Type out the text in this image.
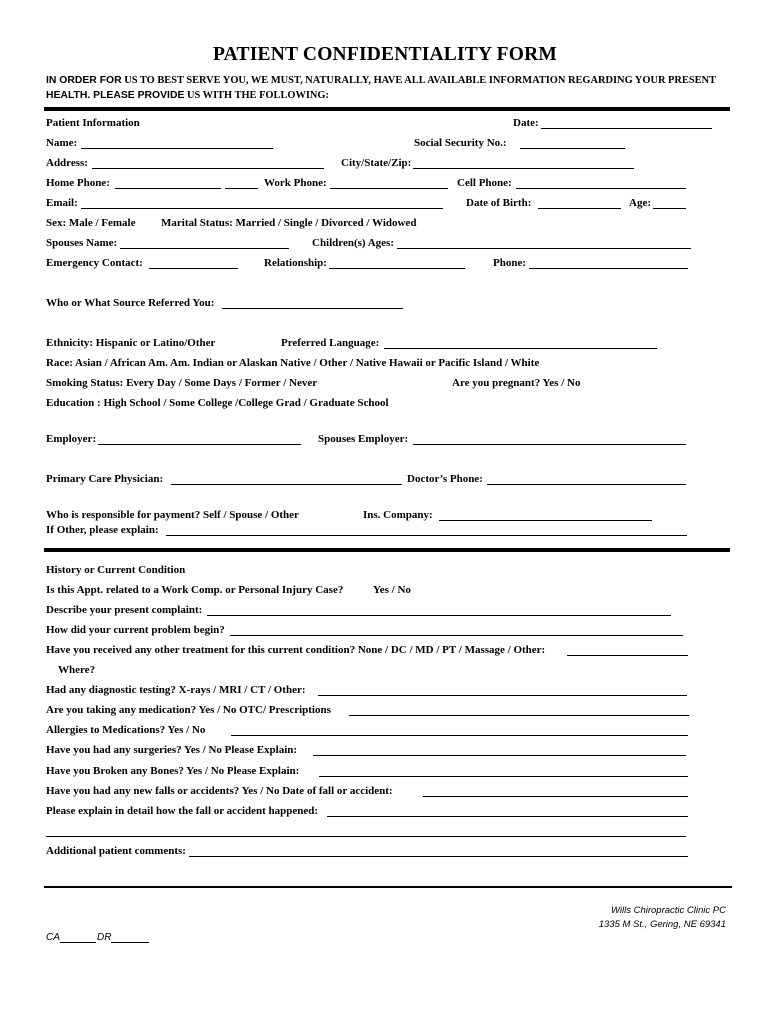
PATIENT CONFIDENTIALITY FORM
IN ORDER FOR US TO BEST SERVE YOU, WE MUST, NATURALLY, HAVE ALL AVAILABLE INFORMATION REGARDING YOUR PRESENT
HEALTH. PLEASE PROVIDE US WITH THE FOLLOWING:
Patient Information	Date:
Name:	Social Security No.:
Address:	City/State/Zip:
Home Phone:	Work Phone:	Cell Phone:
Email:	Date of Birth:	Age:
Sex: Male / Female Marital Status: Married / Single / Divorced / Widowed
Spouses Name:	Children(s) Ages:
Emergency Contact:	Relationship:	Phone:
Who or What Source Referred You:
Ethnicity: Hispanic or Latino/Other	Preferred Language:
Race: Asian / African Am. Am. Indian or Alaskan Native / Other / Native Hawaii or Pacific Island / White
Smoking Status: Every Day / Some Days / Former / Never	Are you pregnant? Yes / No
Education : High School / Some College /College Grad / Graduate School
Employer:	Spouses Employer:
Primary Care Physician:	Doctor’s Phone:
Who is responsible for payment? Self / Spouse / Other	Ins. Company:
If Other, please explain:
History or Current Condition
Is this Appt. related to a Work Comp. or Personal Injury Case?	Yes / No
Describe your present complaint:
How did your current problem begin?
Have you received any other treatment for this current condition? None / DC / MD / PT / Massage / Other:
Where?
Had any diagnostic testing? X-rays / MRI / CT / Other:
Are you taking any medication? Yes / No OTC/ Prescriptions
Allergies to Medications? Yes / No
Have you had any surgeries? Yes / No Please Explain:
Have you Broken any Bones? Yes / No Please Explain:
Have you had any new falls or accidents? Yes / No Date of fall or accident:
Please explain in detail how the fall or accident happened:
Additional patient comments:
Wills Chiropractic Clinic PC
1335 M St., Gering, NE 69341
CA	DR
